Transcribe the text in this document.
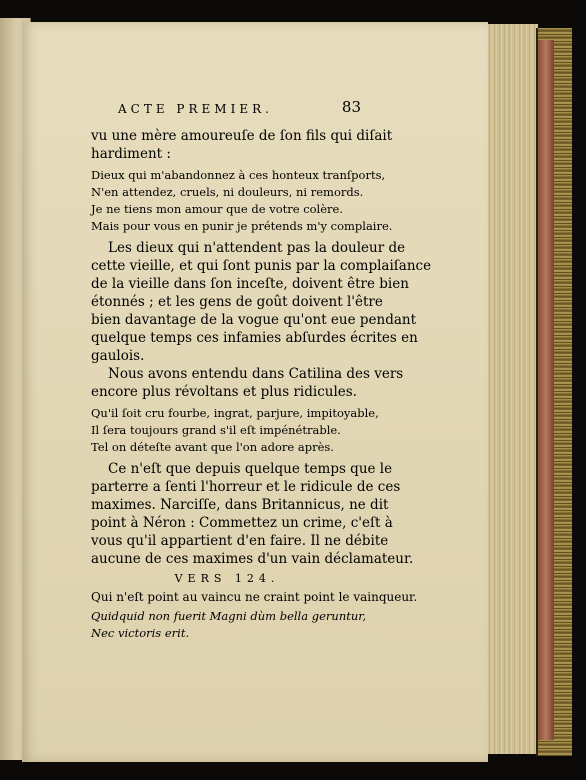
ACTE PREMIER.	83
vu une mère amoureuſe de ſon fils qui diſait
hardiment :
Dieux qui m'abandonnez à ces honteux tranſports,
N'en attendez, cruels, ni douleurs, ni remords.
Je ne tiens mon amour que de votre colère.
Mais pour vous en punir je prétends m'y complaire.
Les dieux qui n'attendent pas la douleur de
cette vieille, et qui ſont punis par la complaiſance
de la vieille dans ſon inceſte, doivent être bien
étonnés ; et les gens de goût doivent l'être
bien davantage de la vogue qu'ont eue pendant
quelque temps ces infamies abſurdes écrites en
gaulois.
Nous avons entendu dans Catilina des vers
encore plus révoltans et plus ridicules.
Qu'il ſoit cru fourbe, ingrat, parjure, impitoyable,
Il ſera toujours grand s'il eſt impénétrable.
Tel on déteſte avant que l'on adore après.
Ce n'eſt que depuis quelque temps que le
parterre a ſenti l'horreur et le ridicule de ces
maximes. Narciſſe, dans Britannicus, ne dit
point à Néron : Commettez un crime, c'eſt à
vous qu'il appartient d'en faire. Il ne débite
aucune de ces maximes d'un vain déclamateur.
VERS 124.
Qui n'eſt point au vaincu ne craint point le vainqueur.
Quidquid non fuerit Magni dùm bella geruntur,
Nec victoris erit.
